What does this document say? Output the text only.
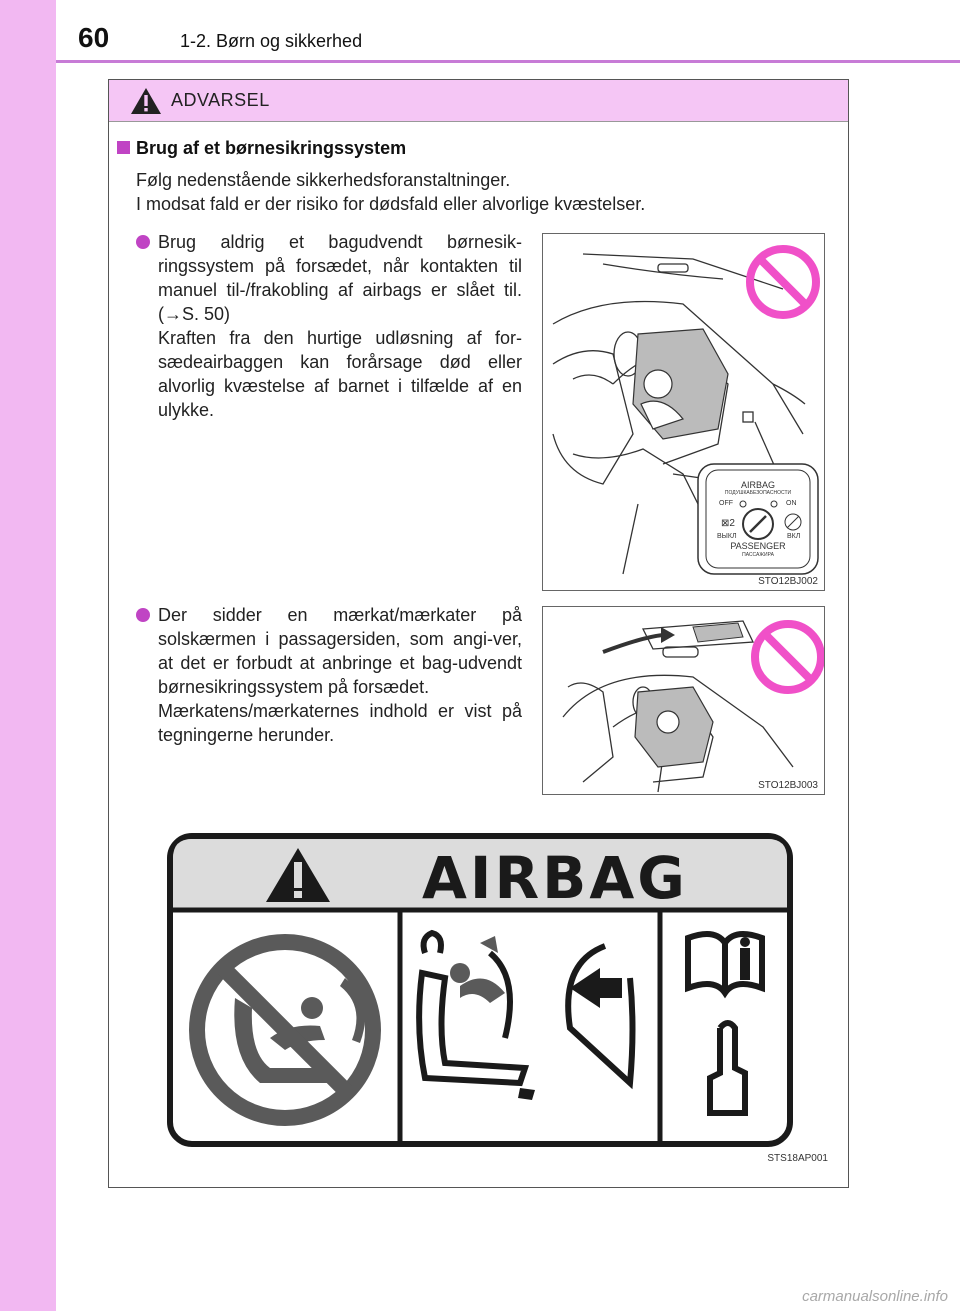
60	1-2. Børn og sikkerhed
ADVARSEL
Brug af et børnesikringssystem
Følg nedenstående sikkerhedsforanstaltninger.
I modsat fald er der risiko for dødsfald eller alvorlige kvæstelser.

Brug aldrig et bagudvendt børnesik-ringssystem på forsædet, når kontakten til manuel til-/frakobling af airbags er slået til. (→S. 50)

Kraften fra den hurtige udløsning af for-sædeairbaggen kan forårsage død eller alvorlig kvæstelse af barnet i tilfælde af en ulykke.

⊠2
AIRBAG
ПОДУШКАБЕЗОПАСНОСТИ
OFF	ON
ВЫКЛ	ВКЛ
PASSENGER
ПАССАЖИРА
STO12BJ002

Der sidder en mærkat/mærkater på solskærmen i passagersiden, som angi-ver, at det er forbudt at anbringe et bag-udvendt børnesikringssystem på forsædet.

Mærkatens/mærkaternes indhold er vist på tegningerne herunder.

STO12BJ003
AIRBAG
STS18AP001
carmanualsonline.info
